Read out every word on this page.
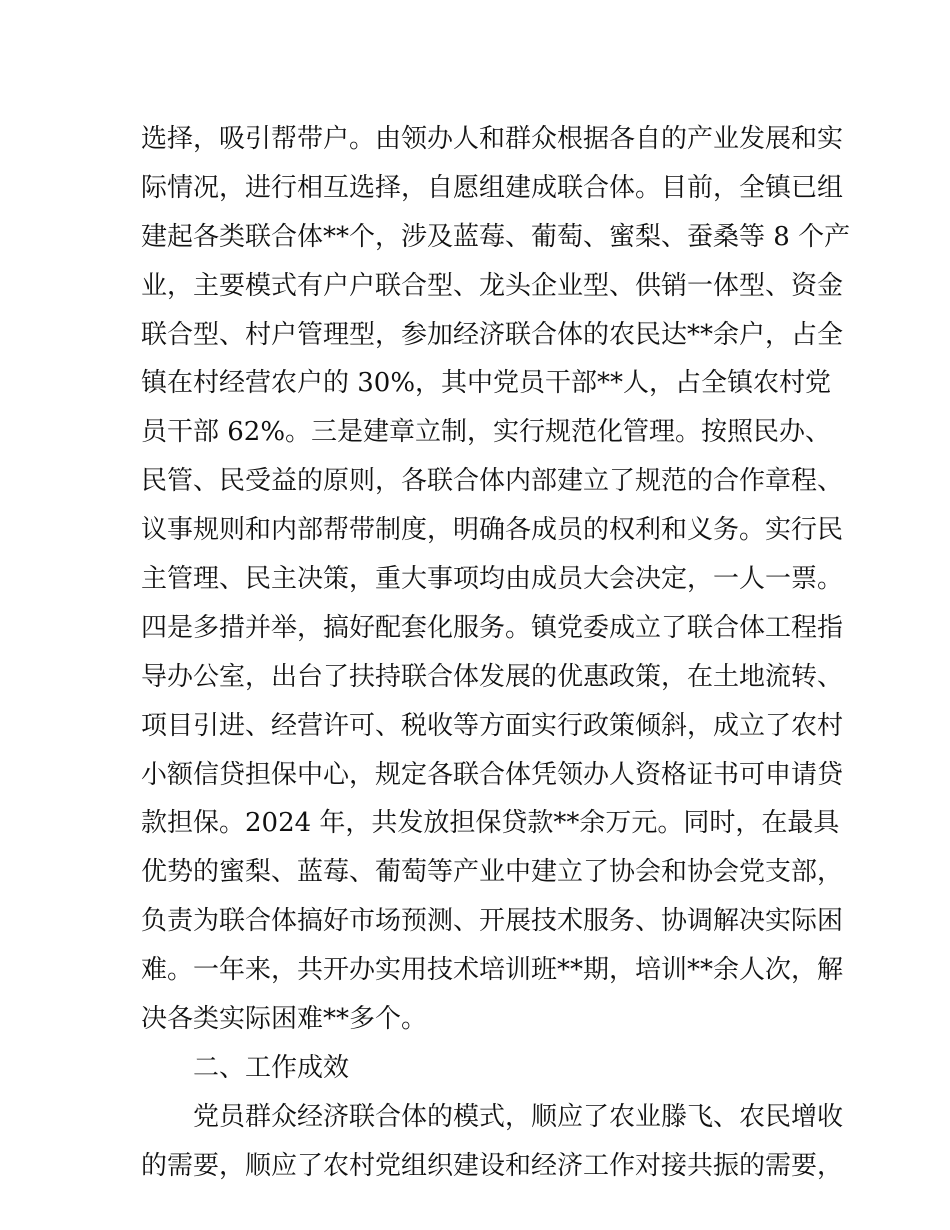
选择，吸引帮带户。由领办人和群众根据各自的产业发展和实
际情况，进行相互选择，自愿组建成联合体。目前，全镇已组
建起各类联合体**个，涉及蓝莓、葡萄、蜜梨、蚕桑等 8 个产
业，主要模式有户户联合型、龙头企业型、供销一体型、资金
联合型、村户管理型，参加经济联合体的农民达**余户，占全
镇在村经营农户的 30%，其中党员干部**人，占全镇农村党
员干部 62%。三是建章立制，实行规范化管理。按照民办、
民管、民受益的原则，各联合体内部建立了规范的合作章程、
议事规则和内部帮带制度，明确各成员的权利和义务。实行民
主管理、民主决策，重大事项均由成员大会决定，一人一票。
四是多措并举，搞好配套化服务。镇党委成立了联合体工程指
导办公室，出台了扶持联合体发展的优惠政策，在土地流转、
项目引进、经营许可、税收等方面实行政策倾斜，成立了农村
小额信贷担保中心，规定各联合体凭领办人资格证书可申请贷
款担保。2024 年，共发放担保贷款**余万元。同时，在最具
优势的蜜梨、蓝莓、葡萄等产业中建立了协会和协会党支部，
负责为联合体搞好市场预测、开展技术服务、协调解决实际困
难。一年来，共开办实用技术培训班**期，培训**余人次，解
决各类实际困难**多个。
二、工作成效
党员群众经济联合体的模式，顺应了农业滕飞、农民增收
的需要，顺应了农村党组织建设和经济工作对接共振的需要，
